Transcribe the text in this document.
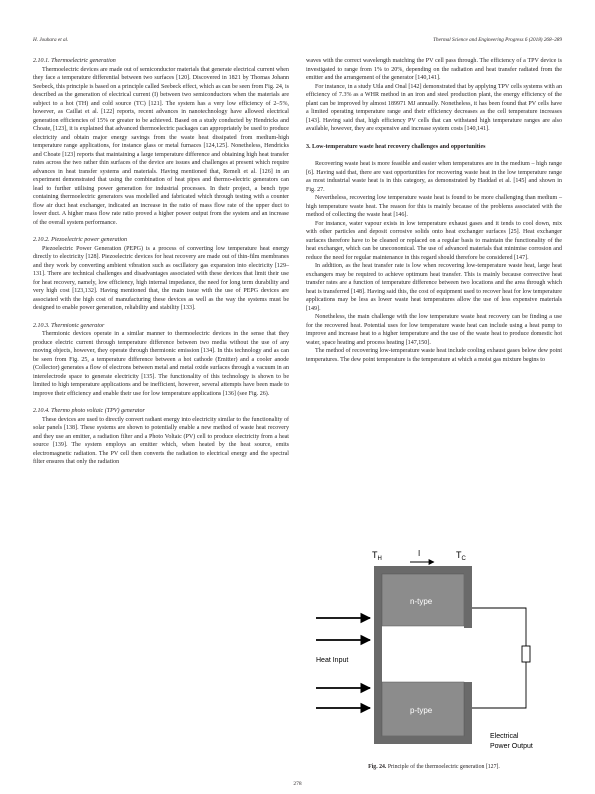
H. Jouhara et al.	Thermal Science and Engineering Progress 6 (2018) 268–289
2.10.1. Thermoelectric generation

Thermoelectric devices are made out of semiconductor materials that generate electrical current when they face a temperature differential between two surfaces [120]. Discovered in 1821 by Thomas Johann Seebeck, this principle is based on a principle called Seebeck effect, which as can be seen from Fig. 24, is described as the generation of electrical current (I) between two semiconductors when the materials are subject to a hot (TH) and cold source (TC) [121]. The system has a very low efficiency of 2–5%, however, as Caillat et al. [122] reports, recent advances in nanotechnology have allowed electrical generation efficiencies of 15% or greater to be achieved. Based on a study conducted by Hendricks and Choate, [123], it is explained that advanced thermoelectric packages can appropriately be used to produce electricity and obtain major energy savings from the waste heat dissipated from medium-high temperature range applications, for instance glass or metal furnaces [124,125]. Nonetheless, Hendricks and Choate [123] reports that maintaining a large temperature difference and obtaining high heat transfer rates across the two rather thin surfaces of the device are issues and challenges at present which require advances in heat transfer systems and materials. Having mentioned that, Remeli et al. [126] in an experiment demonstrated that using the combination of heat pipes and thermo-electric generators can lead to further utilising power generation for industrial processes. In their project, a bench type containing thermoelectric generators was modelled and fabricated which through testing with a counter flow air duct heat exchanger, indicated an increase in the ratio of mass flow rate of the upper duct to lower duct. A higher mass flow rate ratio proved a higher power output from the system and an increase of the overall system performance.

2.10.2. Piezoelectric power generation

Piezoelectric Power Generation (PEPG) is a process of converting low temperature heat energy directly to electricity [128]. Piezoelectric devices for heat recovery are made out of thin-film membranes and they work by converting ambient vibration such as oscillatory gas expansion into electricity [129–131]. There are technical challenges and disadvantages associated with these devices that limit their use for heat recovery, namely, low efficiency, high internal impedance, the need for long term durability and very high cost [123,132]. Having mentioned that, the main issue with the use of PEPG devices are associated with the high cost of manufacturing these devices as well as the way the systems must be designed to enable power generation, reliability and stability [133].

2.10.3. Thermionic generator

Thermionic devices operate in a similar manner to thermoelectric devices in the sense that they produce electric current through temperature difference between two media without the use of any moving objects, however, they operate through thermionic emission [134]. In this technology and as can be seen from Fig. 25, a temperature difference between a hot cathode (Emitter) and a cooler anode (Collector) generates a flow of electrons between metal and metal oxide surfaces through a vacuum in an interelectrode space to generate electricity [135]. The functionality of this technology is shown to be limited to high temperature applications and be inefficient, however, several attempts have been made to improve their efficiency and enable their use for low temperature applications [136] (see Fig. 26).

2.10.4. Thermo photo voltaic (TPV) generator

These devices are used to directly convert radiant energy into electricity similar to the functionality of solar panels [138]. These systems are shown to potentially enable a new method of waste heat recovery and they use an emitter, a radiation filter and a Photo Voltaic (PV) cell to produce electricity from a heat source [139]. The system employs an emitter which, when heated by the heat source, emits electromagnetic radiation. The PV cell then converts the radiation to electrical energy and the spectral filter ensures that only the radiation

waves with the correct wavelength matching the PV cell pass through. The efficiency of a TPV device is investigated to range from 1% to 20%, depending on the radiation and heat transfer radiated from the emitter and the arrangement of the generator [140,141].

For instance, in a study Utla and Onal [142] demonstrated that by applying TPV cells systems with an efficiency of 7.3% as a WHR method in an iron and steel production plant, the energy efficiency of the plant can be improved by almost 189971 MJ annually. Nonetheless, it has been found that PV cells have a limited operating temperature range and their efficiency decreases as the cell temperature increases [143]. Having said that, high efficiency PV cells that can withstand high temperature ranges are also available, however, they are expensive and increase system costs [140,141].

3. Low-temperature waste heat recovery challenges and opportunities

Recovering waste heat is more feasible and easier when temperatures are in the medium – high range [6]. Having said that, there are vast opportunities for recovering waste heat in the low temperature range as most industrial waste heat is in this category, as demonstrated by Haddad et al. [145] and shown in Fig. 27.

Nevertheless, recovering low temperature waste heat is found to be more challenging than medium – high temperature waste heat. The reason for this is mainly because of the problems associated with the method of collecting the waste heat [146].

For instance, water vapour exists in low temperature exhaust gases and it tends to cool down, mix with other particles and deposit corrosive solids onto heat exchanger surfaces [25]. Heat exchanger surfaces therefore have to be cleaned or replaced on a regular basis to maintain the functionality of the heat exchanger, which can be uneconomical. The use of advanced materials that minimise corrosion and reduce the need for regular maintenance in this regard should therefore be considered [147].

In addition, as the heat transfer rate is low when recovering low-temperature waste heat, large heat exchangers may be required to achieve optimum heat transfer. This is mainly because convective heat transfer rates are a function of temperature difference between two locations and the area through which heat is transferred [148]. Having said this, the cost of equipment used to recover heat for low temperature applications may be less as lower waste heat temperatures allow the use of less expensive materials [149].

Nonetheless, the main challenge with the low temperature waste heat recovery can be finding a use for the recovered heat. Potential uses for low temperature waste heat can include using a heat pump to improve and increase heat to a higher temperature and the use of the waste heat to produce domestic hot water, space heating and process heating [147,150].

The method of recovering low-temperature waste heat include cooling exhaust gases below dew point temperatures. The dew point temperature is the temperature at which a moist gas mixture begins to

$T_H$
I	$T_C$
n-type
p-type
Heat Input
Electrical
Power Output
Fig. 24. Principle of the thermoelectric generation [127].
278
